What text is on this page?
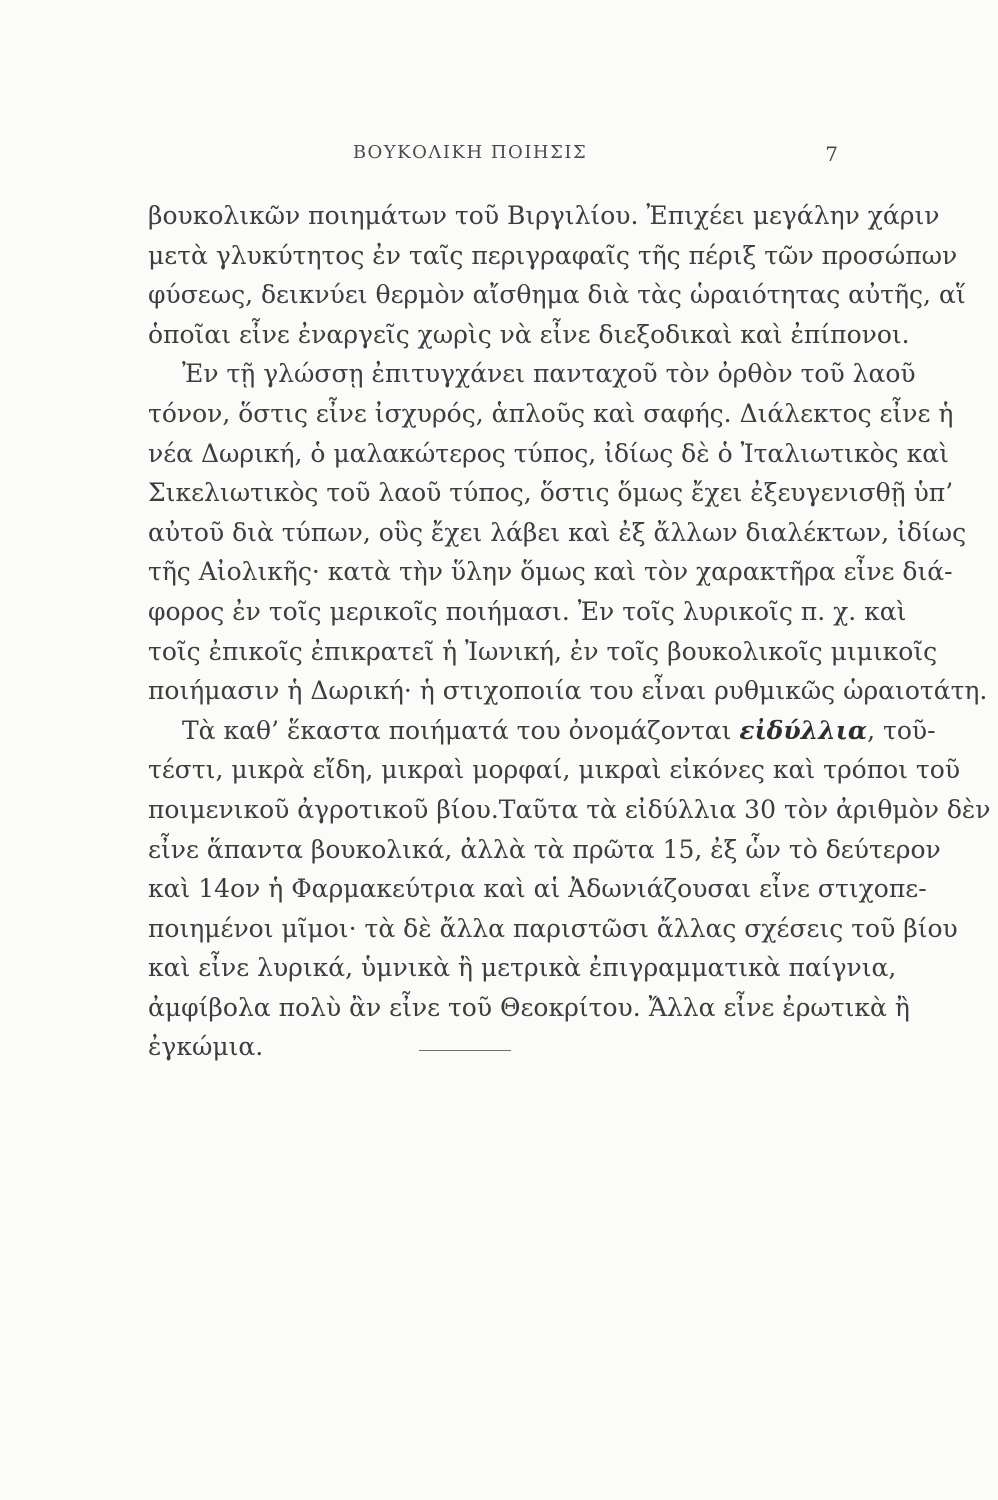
ΒΟΥΚΟΛΙΚΗ ΠΟΙΗΣΙΣ	7

βουκολικῶν ποιημάτων τοῦ Βιργιλίου. Ἐπιχέει μεγάλην χάριν
μετὰ γλυκύτητος ἐν ταῖς περιγραφαῖς τῆς πέριξ τῶν προσώπων
φύσεως, δεικνύει θερμὸν αἴσθημα διὰ τὰς ὡραιότητας αὐτῆς, αἵ
ὁποῖαι εἶνε ἐναργεῖς χωρὶς νὰ εἶνε διεξοδικαὶ καὶ ἐπίπονοι.

Ἐν τῇ γλώσσῃ ἐπιτυγχάνει πανταχοῦ τὸν ὀρθὸν τοῦ λαοῦ
τόνον, ὅστις εἶνε ἰσχυρός, ἁπλοῦς καὶ σαφής. Διάλεκτος εἶνε ἡ
νέα Δωρική, ὁ μαλακώτερος τύπος, ἰδίως δὲ ὁ Ἰταλιωτικὸς καὶ
Σικελιωτικὸς τοῦ λαοῦ τύπος, ὅστις ὅμως ἔχει ἐξευγενισθῇ ὑπ’
αὐτοῦ διὰ τύπων, οὓς ἔχει λάβει καὶ ἐξ ἄλλων διαλέκτων, ἰδίως
τῆς Αἰολικῆς· κατὰ τὴν ὕλην ὅμως καὶ τὸν χαρακτῆρα εἶνε διά-
φορος ἐν τοῖς μερικοῖς ποιήμασι. Ἐν τοῖς λυρικοῖς π. χ. καὶ
τοῖς ἐπικοῖς ἐπικρατεῖ ἡ Ἰωνική, ἐν τοῖς βουκολικοῖς μιμικοῖς
ποιήμασιν ἡ Δωρική· ἡ στιχοποιία του εἶναι ρυθμικῶς ὡραιοτάτη.

Τὰ καθ’ ἕκαστα ποιήματά του ὀνομάζονται εἰδύλλια, τοῦ-
τέστι, μικρὰ εἴδη, μικραὶ μορφαί, μικραὶ εἰκόνες καὶ τρόποι τοῦ
ποιμενικοῦ ἀγροτικοῦ βίου.Ταῦτα τὰ εἰδύλλια 30 τὸν ἀριθμὸν δὲν
εἶνε ἅπαντα βουκολικά, ἀλλὰ τὰ πρῶτα 15, ἐξ ὧν τὸ δεύτερον
καὶ 14ον ἡ Φαρμακεύτρια καὶ αἱ Ἀδωνιάζουσαι εἶνε στιχοπε-
ποιημένοι μῖμοι· τὰ δὲ ἄλλα παριστῶσι ἄλλας σχέσεις τοῦ βίου
καὶ εἶνε λυρικά, ὑμνικὰ ἢ μετρικὰ ἐπιγραμματικὰ παίγνια,
ἀμφίβολα πολὺ ἂν εἶνε τοῦ Θεοκρίτου. Ἄλλα εἶνε ἐρωτικὰ ἢ
ἐγκώμια.
